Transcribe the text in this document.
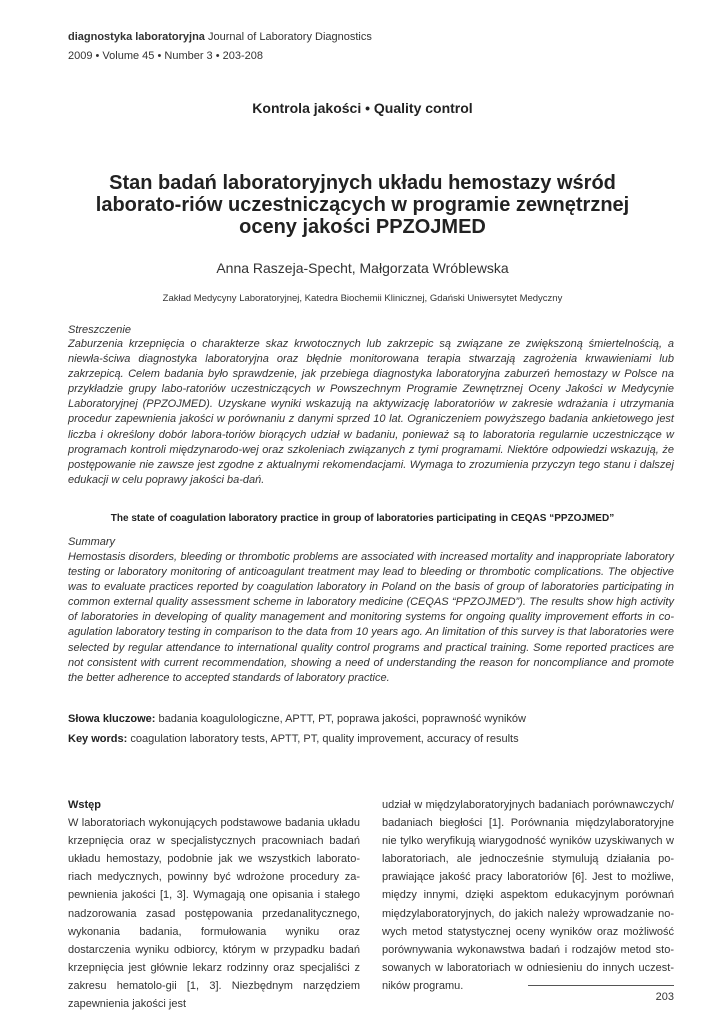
diagnostyka laboratoryjna Journal of Laboratory Diagnostics
2009 • Volume 45 • Number 3 • 203-208
Kontrola jakości • Quality control
Stan badań laboratoryjnych układu hemostazy wśród laborato-riów uczestniczących w programie zewnętrznej oceny jakości PPZOJMED
Anna Raszeja-Specht, Małgorzata Wróblewska
Zakład Medycyny Laboratoryjnej, Katedra Biochemii Klinicznej, Gdański Uniwersytet Medyczny
Streszczenie
Zaburzenia krzepnięcia o charakterze skaz krwotocznych lub zakrzepic są związane ze zwiększoną śmiertelnością, a niewła-ściwa diagnostyka laboratoryjna oraz błędnie monitorowana terapia stwarzają zagrożenia krwawieniami lub zakrzepicą. Celem badania było sprawdzenie, jak przebiega diagnostyka laboratoryjna zaburzeń hemostazy w Polsce na przykładzie grupy labo-ratoriów uczestniczących w Powszechnym Programie Zewnętrznej Oceny Jakości w Medycynie Laboratoryjnej (PPZOJMED). Uzyskane wyniki wskazują na aktywizację laboratoriów w zakresie wdrażania i utrzymania procedur zapewnienia jakości w porównaniu z danymi sprzed 10 lat. Ograniczeniem powyższego badania ankietowego jest liczba i określony dobór labora-toriów biorących udział w badaniu, ponieważ są to laboratoria regularnie uczestniczące w programach kontroli międzynarodo-wej oraz szkoleniach związanych z tymi programami. Niektóre odpowiedzi wskazują, że postępowanie nie zawsze jest zgodne z aktualnymi rekomendacjami. Wymaga to zrozumienia przyczyn tego stanu i dalszej edukacji w celu poprawy jakości ba-dań.
The state of coagulation laboratory practice in group of laboratories participating in CEQAS “PPZOJMED”
Summary
Hemostasis disorders, bleeding or thrombotic problems are associated with increased mortality and inappropriate laboratory testing or laboratory monitoring of anticoagulant treatment may lead to bleeding or thrombotic complications. The objective was to evaluate practices reported by coagulation laboratory in Poland on the basis of group of laboratories participating in common external quality assessment scheme in laboratory medicine (CEQAS “PPZOJMED”). The results show high activity of laboratories in developing of quality management and monitoring systems for ongoing quality improvement efforts in co-agulation laboratory testing in comparison to the data from 10 years ago. An limitation of this survey is that laboratories were selected by regular attendance to international quality control programs and practical training. Some reported practices are not consistent with current recommendation, showing a need of understanding the reason for noncompliance and promote the better adherence to accepted standards of laboratory practice.
Słowa kluczowe: badania koagulologiczne, APTT, PT, poprawa jakości, poprawność wyników
Key words: coagulation laboratory tests, APTT, PT, quality improvement, accuracy of results
Wstęp
W laboratoriach wykonujących podstawowe badania układu krzepnięcia oraz w specjalistycznych pracowniach badań układu hemostazy, podobnie jak we wszystkich laborato-riach medycznych, powinny być wdrożone procedury za-pewnienia jakości [1, 3]. Wymagają one opisania i stałego nadzorowania zasad postępowania przedanalitycznego, wykonania badania, formułowania wyniku oraz dostarczenia wyniku odbiorcy, którym w przypadku badań krzepnięcia jest głównie lekarz rodzinny oraz specjaliści z zakresu hematolo-gii [1, 3]. Niezbędnym narzędziem zapewnienia jakości jest
udział w międzylaboratoryjnych badaniach porównawczych/ badaniach biegłości [1]. Porównania międzylaboratoryjne nie tylko weryfikują wiarygodność wyników uzyskiwanych w laboratoriach, ale jednocześnie stymulują działania po-prawiające jakość pracy laboratoriów [6]. Jest to możliwe, między innymi, dzięki aspektom edukacyjnym porównań międzylaboratoryjnych, do jakich należy wprowadzanie no-wych metod statystycznej oceny wyników oraz możliwość porównywania wykonawstwa badań i rodzajów metod sto-sowanych w laboratoriach w odniesieniu do innych uczest-ników programu.
203
